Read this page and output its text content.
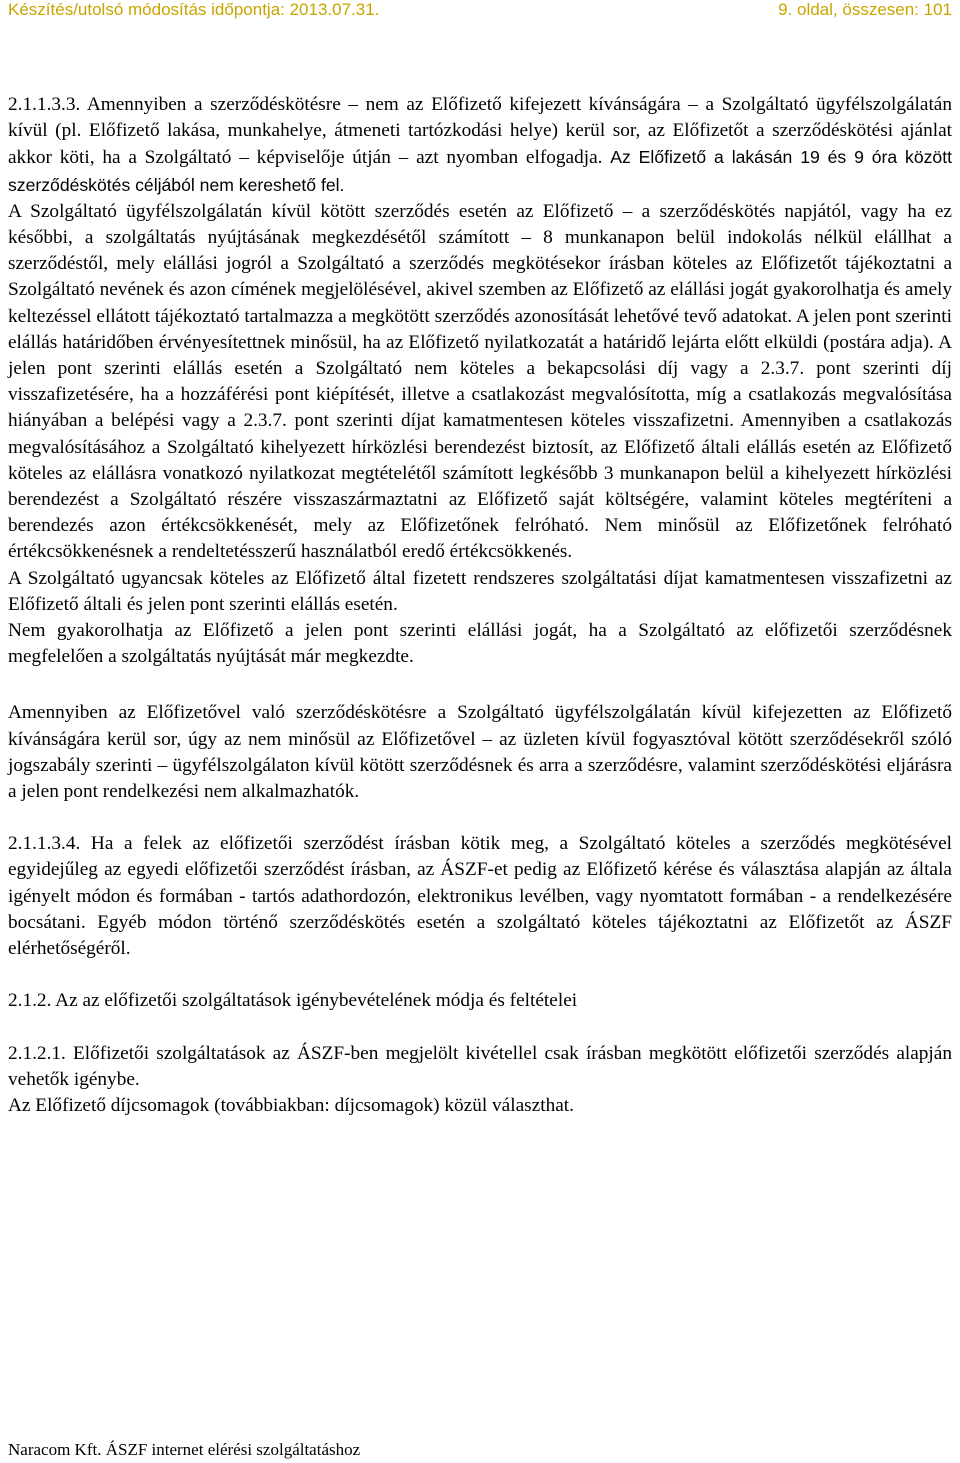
Készítés/utolsó módosítás időpontja: 2013.07.31.	9. oldal, összesen: 101

2.1.1.3.3. Amennyiben a szerződéskötésre – nem az Előfizető kifejezett kívánságára – a Szolgáltató ügyfélszolgálatán kívül (pl. Előfizető lakása, munkahelye, átmeneti tartózkodási helye) kerül sor, az Előfizetőt a szerződéskötési ajánlat akkor köti, ha a Szolgáltató – képviselője útján – azt nyomban elfogadja. Az Előfizető a lakásán 19 és 9 óra között szerződéskötés céljából nem kereshető fel.

A Szolgáltató ügyfélszolgálatán kívül kötött szerződés esetén az Előfizető – a szerződéskötés napjától, vagy ha ez későbbi, a szolgáltatás nyújtásának megkezdésétől számított – 8 munkanapon belül indokolás nélkül elállhat a szerződéstől, mely elállási jogról a Szolgáltató a szerződés megkötésekor írásban köteles az Előfizetőt tájékoztatni a Szolgáltató nevének és azon címének megjelölésével, akivel szemben az Előfizető az elállási jogát gyakorolhatja és amely keltezéssel ellátott tájékoztató tartalmazza a megkötött szerződés azonosítását lehetővé tevő adatokat. A jelen pont szerinti elállás határidőben érvényesítettnek minősül, ha az Előfizető nyilatkozatát a határidő lejárta előtt elküldi (postára adja). A jelen pont szerinti elállás esetén a Szolgáltató nem köteles a bekapcsolási díj vagy a 2.3.7. pont szerinti díj visszafizetésére, ha a hozzáférési pont kiépítését, illetve a csatlakozást megvalósította, míg a csatlakozás megvalósítása hiányában a belépési vagy a 2.3.7. pont szerinti díjat kamatmentesen köteles visszafizetni. Amennyiben a csatlakozás megvalósításához a Szolgáltató kihelyezett hírközlési berendezést biztosít, az Előfizető általi elállás esetén az Előfizető köteles az elállásra vonatkozó nyilatkozat megtételétől számított legkésőbb 3 munkanapon belül a kihelyezett hírközlési berendezést a Szolgáltató részére visszaszármaztatni az Előfizető saját költségére, valamint köteles megtéríteni a berendezés azon értékcsökkenését, mely az Előfizetőnek felróható. Nem minősül az Előfizetőnek felróható értékcsökkenésnek a rendeltetésszerű használatból eredő értékcsökkenés.

A Szolgáltató ugyancsak köteles az Előfizető által fizetett rendszeres szolgáltatási díjat kamatmentesen visszafizetni az Előfizető általi és jelen pont szerinti elállás esetén.

Nem gyakorolhatja az Előfizető a jelen pont szerinti elállási jogát, ha a Szolgáltató az előfizetői szerződésnek megfelelően a szolgáltatás nyújtását már megkezdte.

Amennyiben az Előfizetővel való szerződéskötésre a Szolgáltató ügyfélszolgálatán kívül kifejezetten az Előfizető kívánságára kerül sor, úgy az nem minősül az Előfizetővel – az üzleten kívül fogyasztóval kötött szerződésekről szóló jogszabály szerinti – ügyfélszolgálaton kívül kötött szerződésnek és arra a szerződésre, valamint szerződéskötési eljárásra a jelen pont rendelkezési nem alkalmazhatók.

2.1.1.3.4. Ha a felek az előfizetői szerződést írásban kötik meg, a Szolgáltató köteles a szerződés megkötésével egyidejűleg az egyedi előfizetői szerződést írásban, az ÁSZF-et pedig az Előfizető kérése és választása alapján az általa igényelt módon és formában - tartós adathordozón, elektronikus levélben, vagy nyomtatott formában - a rendelkezésére bocsátani. Egyéb módon történő szerződéskötés esetén a szolgáltató köteles tájékoztatni az Előfizetőt az ÁSZF elérhetőségéről.

2.1.2. Az az előfizetői szolgáltatások igénybevételének módja és feltételei

2.1.2.1. Előfizetői szolgáltatások az ÁSZF-ben megjelölt kivétellel csak írásban megkötött előfizetői szerződés alapján vehetők igénybe.

Az Előfizető díjcsomagok (továbbiakban: díjcsomagok) közül választhat.

Naracom Kft. ÁSZF internet elérési szolgáltatáshoz
